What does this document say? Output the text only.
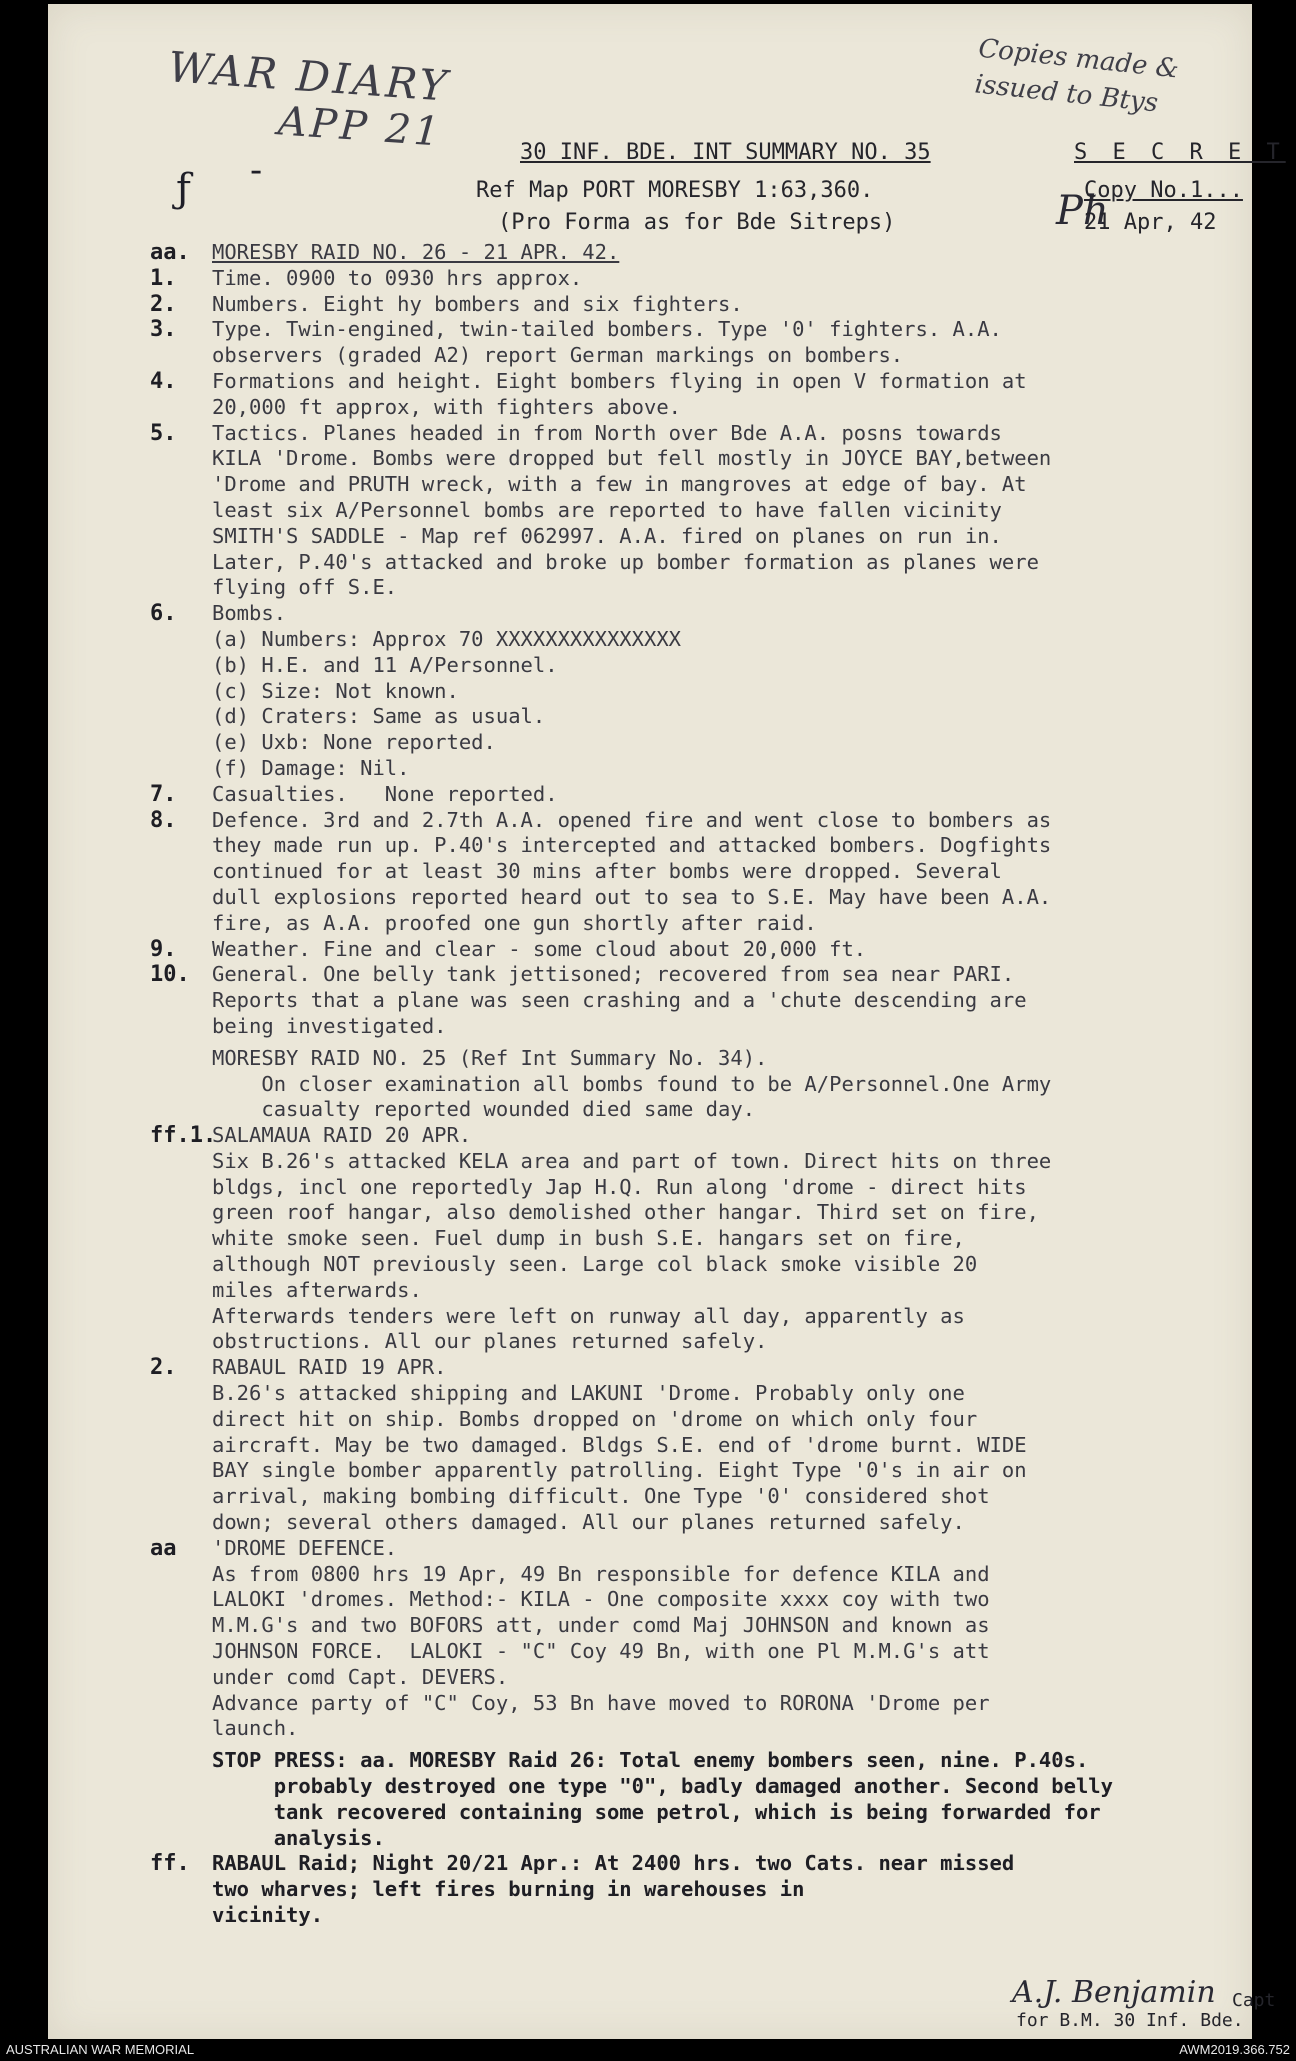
WAR DIARY
APP 21
Copies made & issued to Btys
ƒ -
Ph
30 INF. BDE. INT SUMMARY NO. 35	S E C R E T
Ref Map PORT MORESBY 1:63,360.	Copy No.1...
(Pro Forma as for Bde Sitreps)	21 Apr, 42
aa.	MORESBY RAID NO. 26 - 21 APR. 42.
1.	Time. 0900 to 0930 hrs approx.
2.	Numbers. Eight hy bombers and six fighters.
3.	Type. Twin-engined, twin-tailed bombers. Type '0' fighters. A.A.
observers (graded A2) report German markings on bombers.
4.	Formations and height. Eight bombers flying in open V formation at
20,000 ft approx, with fighters above.
5.	Tactics. Planes headed in from North over Bde A.A. posns towards
KILA 'Drome. Bombs were dropped but fell mostly in JOYCE BAY,between
'Drome and PRUTH wreck, with a few in mangroves at edge of bay. At
least six A/Personnel bombs are reported to have fallen vicinity
SMITH'S SADDLE - Map ref 062997. A.A. fired on planes on run in.
Later, P.40's attacked and broke up bomber formation as planes were
flying off S.E.
6.	Bombs.
(a) Numbers: Approx 70 XXXXXXXXXXXXXXX
(b) H.E. and 11 A/Personnel.
(c) Size: Not known.
(d) Craters: Same as usual.
(e) Uxb: None reported.
(f) Damage: Nil.
7.	Casualties.   None reported.
8.	Defence. 3rd and 2.7th A.A. opened fire and went close to bombers as
they made run up. P.40's intercepted and attacked bombers. Dogfights
continued for at least 30 mins after bombs were dropped. Several
dull explosions reported heard out to sea to S.E. May have been A.A.
fire, as A.A. proofed one gun shortly after raid.
9.	Weather. Fine and clear - some cloud about 20,000 ft.
10.	General. One belly tank jettisoned; recovered from sea near PARI.
Reports that a plane was seen crashing and a 'chute descending are
being investigated.
MORESBY RAID NO. 25 (Ref Int Summary No. 34).
On closer examination all bombs found to be A/Personnel.One Army
casualty reported wounded died same day.
ff.1.
SALAMAUA RAID 20 APR.
Six B.26's attacked KELA area and part of town. Direct hits on three
bldgs, incl one reportedly Jap H.Q. Run along 'drome - direct hits
green roof hangar, also demolished other hangar. Third set on fire,
white smoke seen. Fuel dump in bush S.E. hangars set on fire,
although NOT previously seen. Large col black smoke visible 20
miles afterwards.
Afterwards tenders were left on runway all day, apparently as
obstructions. All our planes returned safely.
2.	RABAUL RAID 19 APR.
B.26's attacked shipping and LAKUNI 'Drome. Probably only one
direct hit on ship. Bombs dropped on 'drome on which only four
aircraft. May be two damaged. Bldgs S.E. end of 'drome burnt. WIDE
BAY single bomber apparently patrolling. Eight Type '0's in air on
arrival, making bombing difficult. One Type '0' considered shot
down; several others damaged. All our planes returned safely.
aa	'DROME DEFENCE.
As from 0800 hrs 19 Apr, 49 Bn responsible for defence KILA and
LALOKI 'dromes. Method:- KILA - One composite xxxx coy with two
M.M.G's and two BOFORS att, under comd Maj JOHNSON and known as
JOHNSON FORCE.  LALOKI - "C" Coy 49 Bn, with one Pl M.M.G's att
under comd Capt. DEVERS.
Advance party of "C" Coy, 53 Bn have moved to RORONA 'Drome per
launch.
STOP PRESS: aa. MORESBY Raid 26: Total enemy bombers seen, nine. P.40s.
probably destroyed one type "0", badly damaged another. Second belly
tank recovered containing some petrol, which is being forwarded for
analysis.
ff.	RABAUL Raid; Night 20/21 Apr.: At 2400 hrs. two Cats. near missed
two wharves; left fires burning in warehouses in
vicinity.
A.J. Benjamin Capt
for B.M. 30 Inf. Bde.
AUSTRALIAN WAR MEMORIAL	AWM2019.366.752
